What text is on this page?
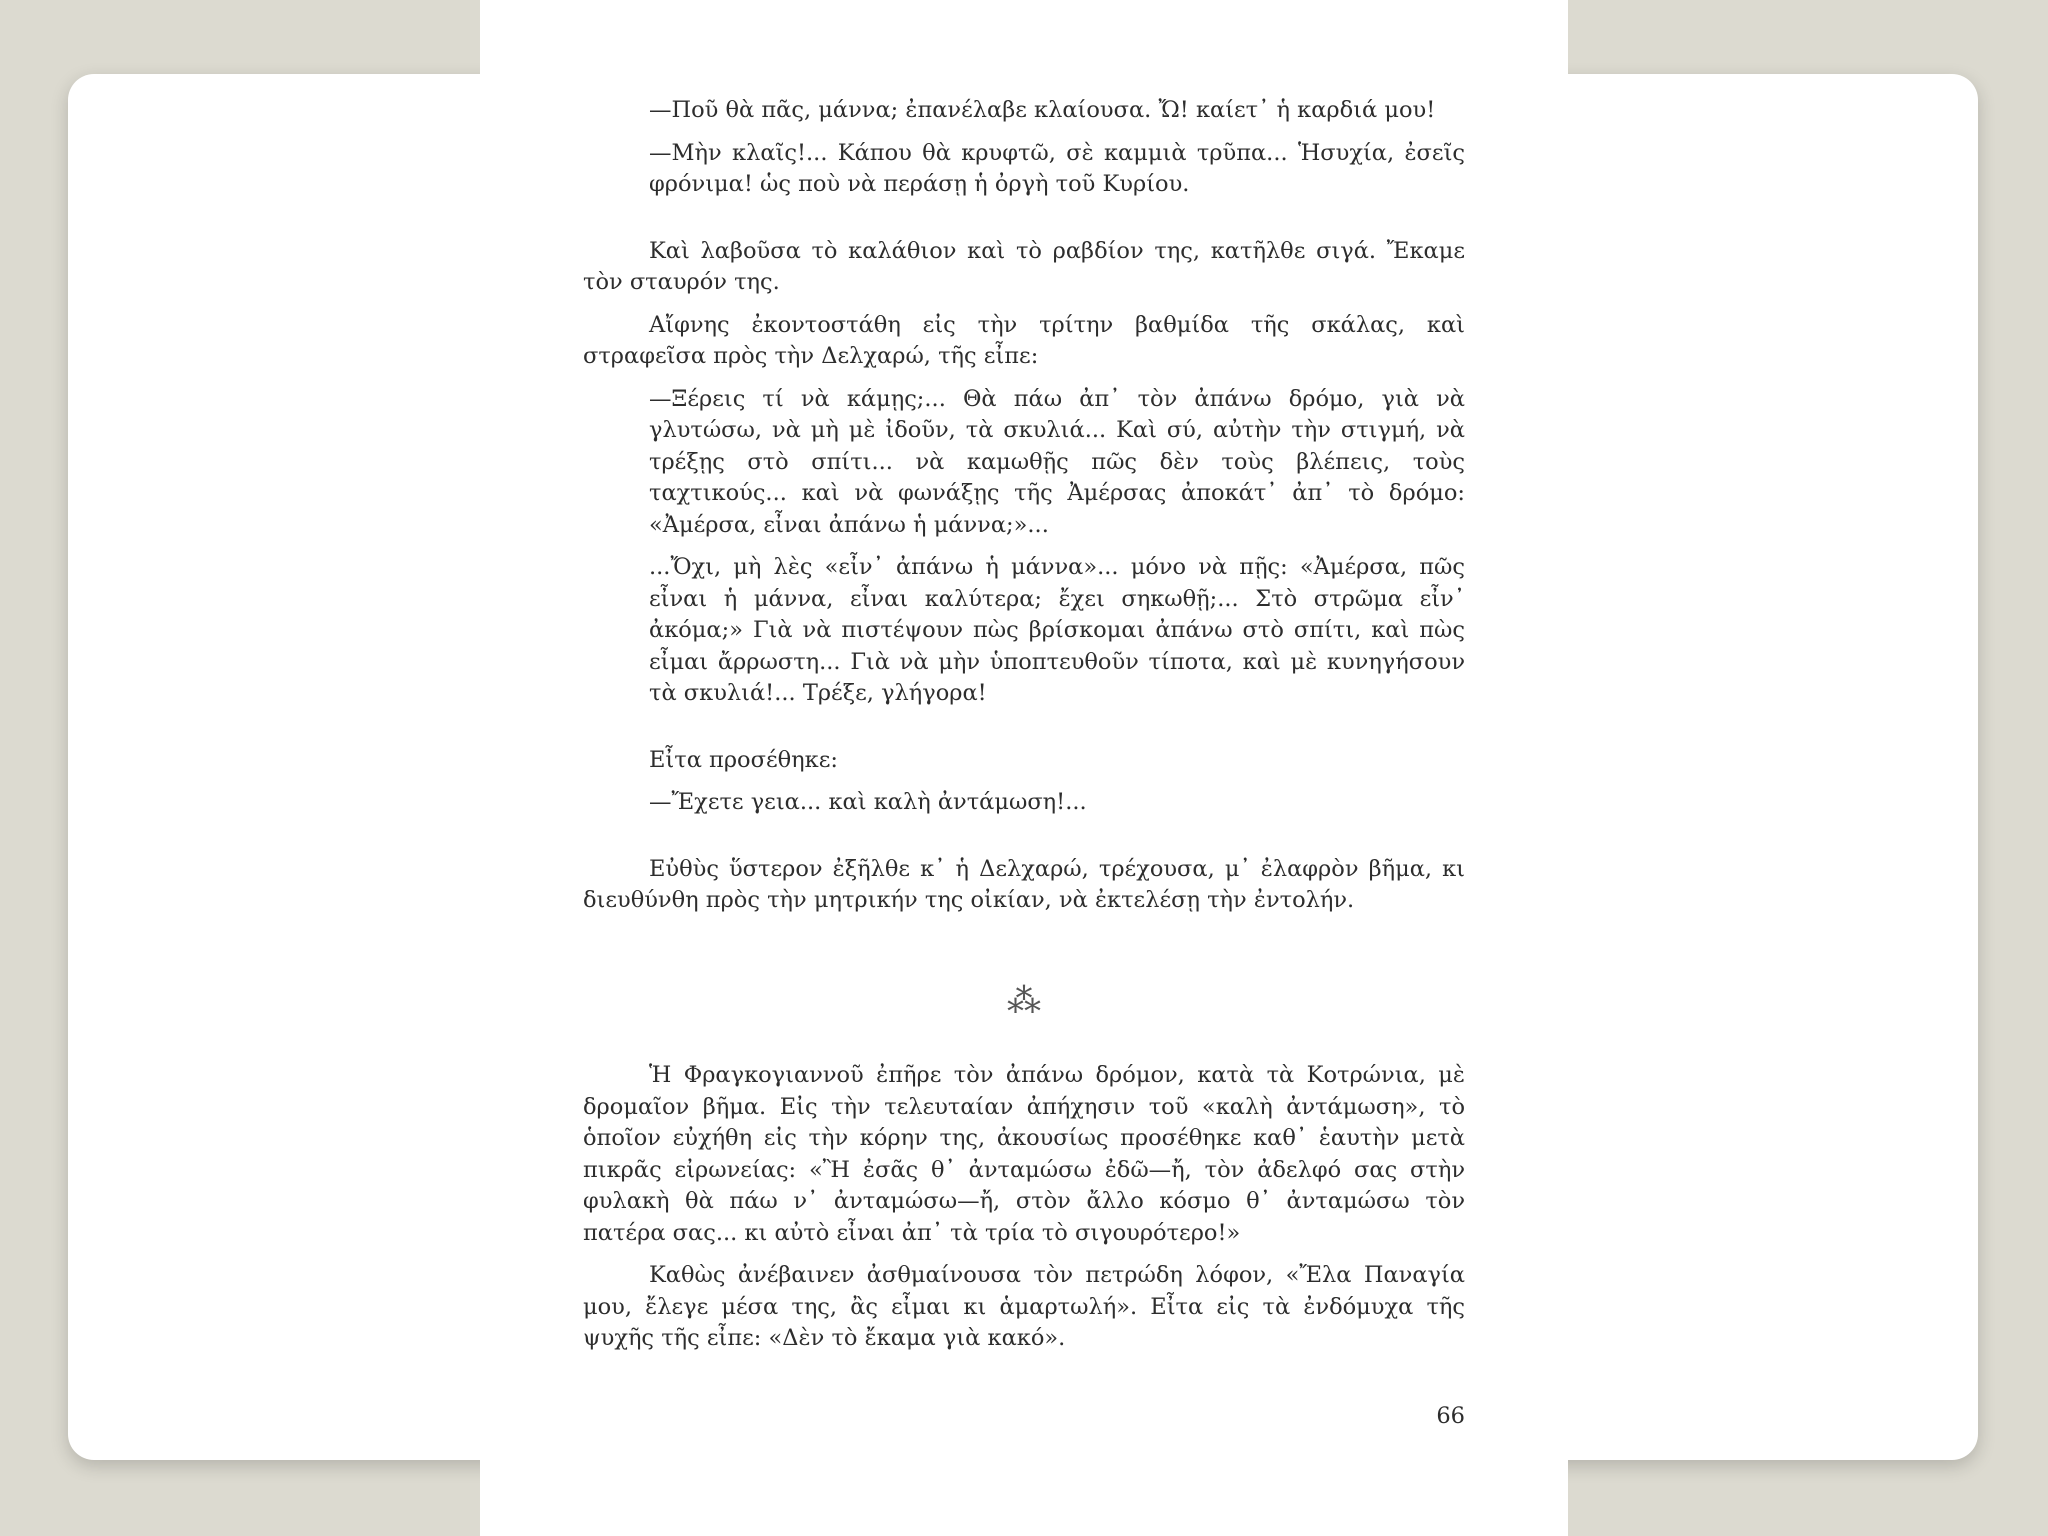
—Ποῦ θὰ πᾶς, μάννα; ἐπανέλαβε κλαίουσα. Ὤ! καίετ᾽ ἡ καρδιά μου!

—Μὴν κλαῖς!... Κάπου θὰ κρυφτῶ, σὲ καμμιὰ τρῦπα... Ἡσυχία, ἐσεῖς φρόνιμα! ὡς ποὺ νὰ περάσῃ ἡ ὀργὴ τοῦ Κυρίου.

Καὶ λαβοῦσα τὸ καλάθιον καὶ τὸ ραβδίον της, κατῆλθε σιγά. Ἔκαμε τὸν σταυρόν της.

Αἴφνης ἐκοντοστάθη εἰς τὴν τρίτην βαθμίδα τῆς σκάλας, καὶ στραφεῖσα πρὸς τὴν Δελχαρώ, τῆς εἶπε:

—Ξέρεις τί νὰ κάμῃς;... Θὰ πάω ἀπ᾽ τὸν ἀπάνω δρόμο, γιὰ νὰ γλυτώσω, νὰ μὴ μὲ ἰδοῦν, τὰ σκυλιά... Καὶ σύ, αὐτὴν τὴν στιγμή, νὰ τρέξῃς στὸ σπίτι... νὰ καμωθῇς πῶς δὲν τοὺς βλέπεις, τοὺς ταχτικούς... καὶ νὰ φωνάξῃς τῆς Ἀμέρσας ἀποκάτ᾽ ἀπ᾽ τὸ δρόμο: «Ἀμέρσα, εἶναι ἀπάνω ἡ μάννα;»...

...Ὄχι, μὴ λὲς «εἶν᾽ ἀπάνω ἡ μάννα»... μόνο νὰ πῇς: «Ἀμέρσα, πῶς εἶναι ἡ μάννα, εἶναι καλύτερα; ἔχει σηκωθῇ;... Στὸ στρῶμα εἶν᾽ ἀκόμα;» Γιὰ νὰ πιστέψουν πὼς βρίσκομαι ἀπάνω στὸ σπίτι, καὶ πὼς εἶμαι ἄρρωστη... Γιὰ νὰ μὴν ὑποπτευθοῦν τίποτα, καὶ μὲ κυνηγήσουν τὰ σκυλιά!... Τρέξε, γλήγορα!

Εἶτα προσέθηκε:

—Ἔχετε γεια... καὶ καλὴ ἀντάμωση!...

Εὐθὺς ὕστερον ἐξῆλθε κ᾽ ἡ Δελχαρώ, τρέχουσα, μ᾽ ἐλαφρὸν βῆμα, κι διευθύνθη πρὸς τὴν μητρικήν της οἰκίαν, νὰ ἐκτελέσῃ τὴν ἐντολήν.

⁂

Ἡ Φραγκογιαννοῦ ἐπῆρε τὸν ἀπάνω δρόμον, κατὰ τὰ Κοτρώνια, μὲ δρομαῖον βῆμα. Εἰς τὴν τελευταίαν ἀπήχησιν τοῦ «καλὴ ἀντάμωση», τὸ ὁποῖον εὐχήθη εἰς τὴν κόρην της, ἀκουσίως προσέθηκε καθ᾽ ἑαυτὴν μετὰ πικρᾶς εἰρωνείας: «Ἢ ἐσᾶς θ᾽ ἀνταμώσω ἐδῶ—ἤ, τὸν ἀδελφό σας στὴν φυλακὴ θὰ πάω ν᾽ ἀνταμώσω—ἤ, στὸν ἄλλο κόσμο θ᾽ ἀνταμώσω τὸν πατέρα σας... κι αὐτὸ εἶναι ἀπ᾽ τὰ τρία τὸ σιγουρότερο!»

Καθὼς ἀνέβαινεν ἀσθμαίνουσα τὸν πετρώδη λόφον, «Ἔλα Παναγία μου, ἔλεγε μέσα της, ἂς εἶμαι κι ἁμαρτωλή». Εἶτα εἰς τὰ ἐνδόμυχα τῆς ψυχῆς τῆς εἶπε: «Δὲν τὸ ἔκαμα γιὰ κακό».

66
